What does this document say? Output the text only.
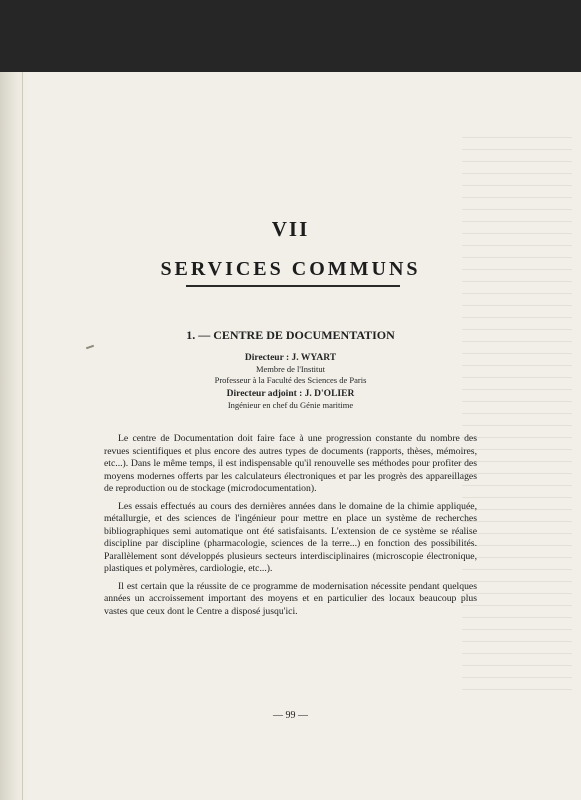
VII
SERVICES COMMUNS
1. — CENTRE DE DOCUMENTATION
Directeur : J. WYART
Membre de l'Institut
Professeur à la Faculté des Sciences de Paris
Directeur adjoint : J. D'OLIER
Ingénieur en chef du Génie maritime

Le centre de Documentation doit faire face à une progression constante du nombre des revues scientifiques et plus encore des autres types de documents (rapports, thèses, mémoires, etc...). Dans le même temps, il est indispensable qu'il renouvelle ses méthodes pour profiter des moyens modernes offerts par les calculateurs électroniques et par les progrès des appareillages de reproduction ou de stockage (microdocumentation).

Les essais effectués au cours des dernières années dans le domaine de la chimie appliquée, métallurgie, et des sciences de l'ingénieur pour mettre en place un système de recherches bibliographiques semi automatique ont été satisfaisants. L'extension de ce système se réalise discipline par discipline (pharmacologie, sciences de la terre...) en fonction des possibilités. Parallèlement sont développés plusieurs secteurs interdisciplinaires (microscopie électronique, plastiques et polymères, cardiologie, etc...).

Il est certain que la réussite de ce programme de modernisation nécessite pendant quelques années un accroissement important des moyens et en particulier des locaux beaucoup plus vastes que ceux dont le Centre a disposé jusqu'ici.

— 99 —
